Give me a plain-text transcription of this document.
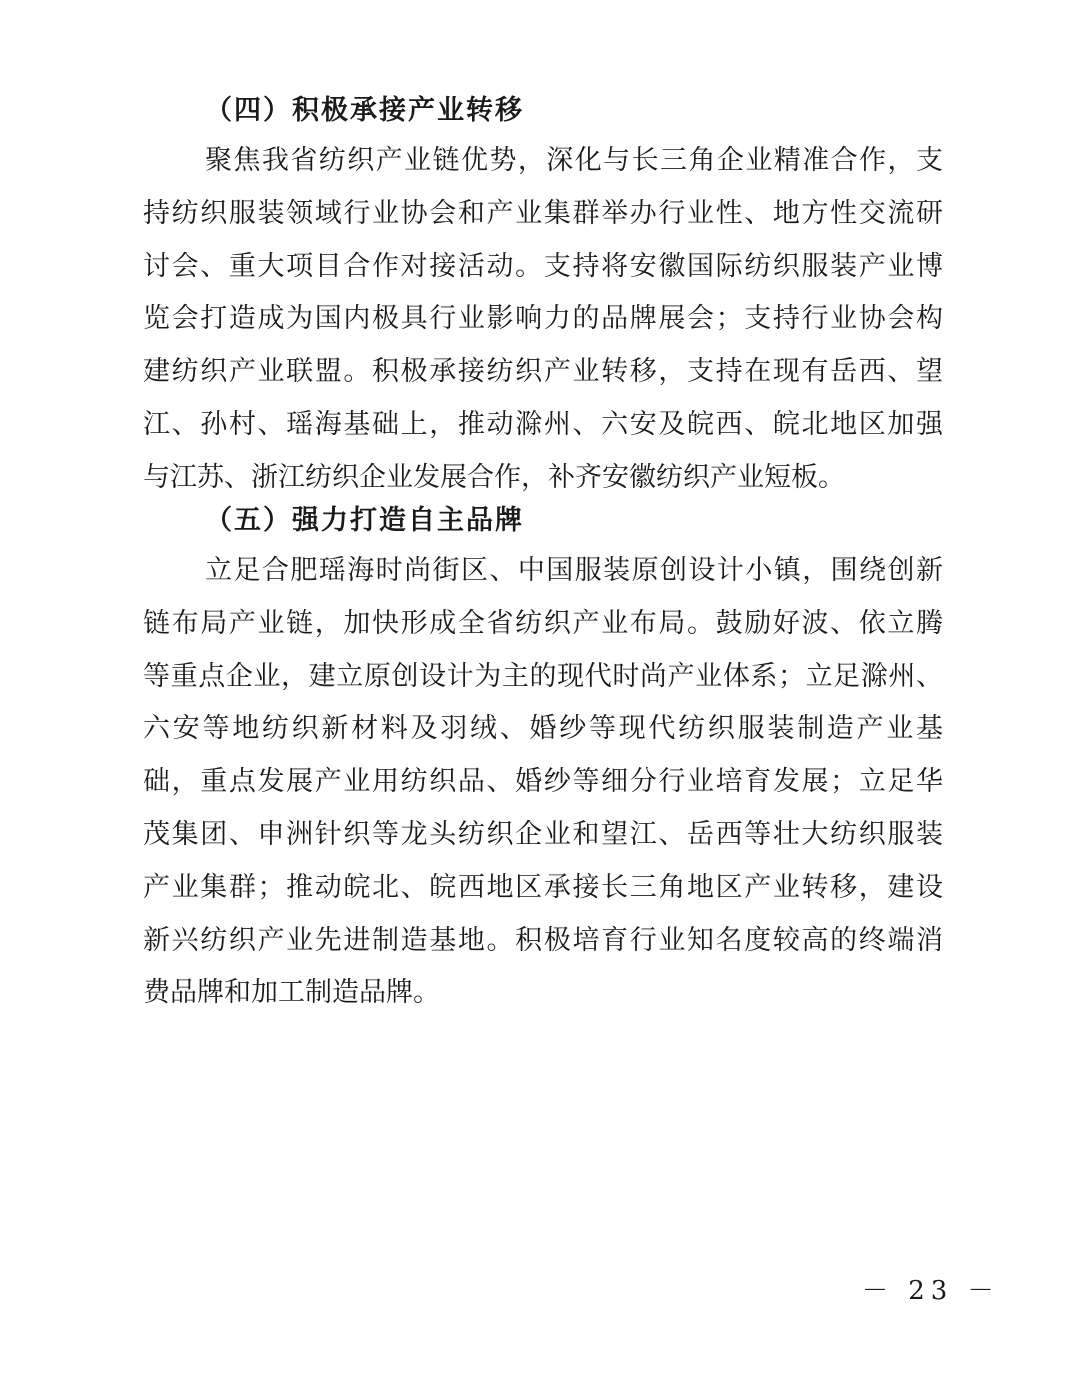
（四）积极承接产业转移
聚焦我省纺织产业链优势，深化与长三角企业精准合作，支
持纺织服装领域行业协会和产业集群举办行业性、地方性交流研
讨会、重大项目合作对接活动。支持将安徽国际纺织服装产业博
览会打造成为国内极具行业影响力的品牌展会；支持行业协会构
建纺织产业联盟。积极承接纺织产业转移，支持在现有岳西、望
江、孙村、瑶海基础上，推动滁州、六安及皖西、皖北地区加强
与江苏、浙江纺织企业发展合作，补齐安徽纺织产业短板。
（五）强力打造自主品牌
立足合肥瑶海时尚街区、中国服装原创设计小镇，围绕创新
链布局产业链，加快形成全省纺织产业布局。鼓励好波、依立腾
等重点企业，建立原创设计为主的现代时尚产业体系；立足滁州、
六安等地纺织新材料及羽绒、婚纱等现代纺织服装制造产业基
础，重点发展产业用纺织品、婚纱等细分行业培育发展；立足华
茂集团、申洲针织等龙头纺织企业和望江、岳西等壮大纺织服装
产业集群；推动皖北、皖西地区承接长三角地区产业转移，建设
新兴纺织产业先进制造基地。积极培育行业知名度较高的终端消
费品牌和加工制造品牌。
－ 23 －
